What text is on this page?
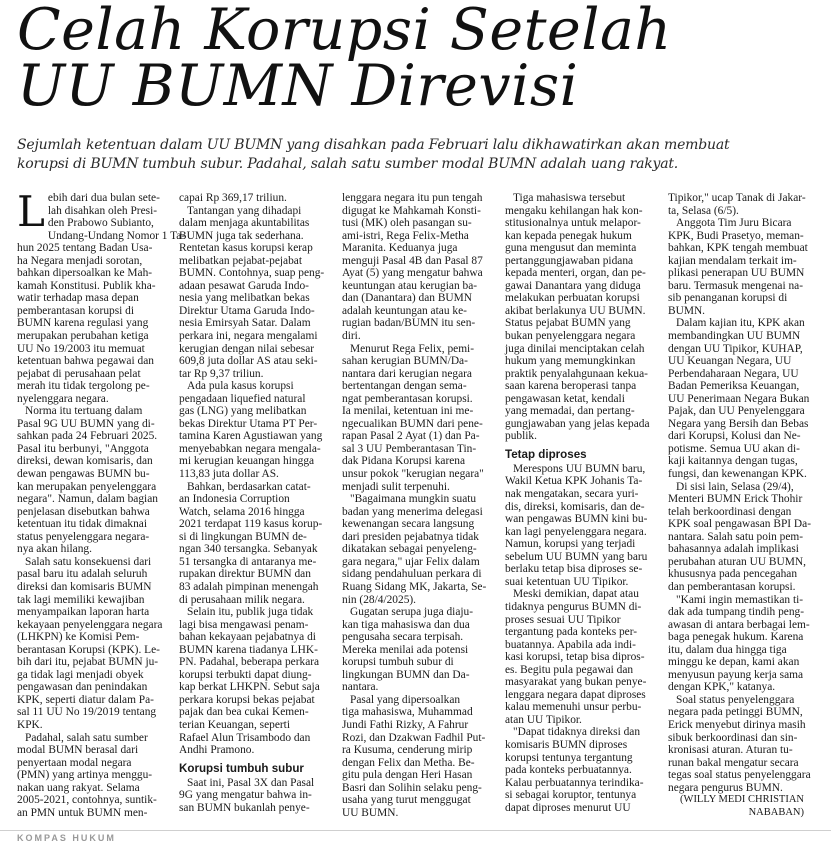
Celah Korupsi Setelah
UU BUMN Direvisi
Sejumlah ketentuan dalam UU BUMN yang disahkan pada Februari lalu dikhawatirkan akan membuat
korupsi di BUMN tumbuh subur. Padahal, salah satu sumber modal BUMN adalah uang rakyat.
L ebih dari dua bulan sete-
lah disahkan oleh Presi-
den Prabowo Subianto,
Undang-Undang Nomor 1 Ta-
hun 2025 tentang Badan Usa-
ha Negara menjadi sorotan,
bahkan dipersoalkan ke Mah-
kamah Konstitusi. Publik kha-
watir terhadap masa depan
pemberantasan korupsi di
BUMN karena regulasi yang
merupakan perubahan ketiga
UU No 19/2003 itu memuat
ketentuan bahwa pegawai dan
pejabat di perusahaan pelat
merah itu tidak tergolong pe-
nyelenggara negara.
Norma itu tertuang dalam
Pasal 9G UU BUMN yang di-
sahkan pada 24 Februari 2025.
Pasal itu berbunyi, "Anggota
direksi, dewan komisaris, dan
dewan pengawas BUMN bu-
kan merupakan penyelenggara
negara". Namun, dalam bagian
penjelasan disebutkan bahwa
ketentuan itu tidak dimaknai
status penyelenggara negara-
nya akan hilang.
Salah satu konsekuensi dari
pasal baru itu adalah seluruh
direksi dan komisaris BUMN
tak lagi memiliki kewajiban
menyampaikan laporan harta
kekayaan penyelenggara negara
(LHKPN) ke Komisi Pem-
berantasan Korupsi (KPK). Le-
bih dari itu, pejabat BUMN ju-
ga tidak lagi menjadi obyek
pengawasan dan penindakan
KPK, seperti diatur dalam Pa-
sal 11 UU No 19/2019 tentang
KPK.
Padahal, salah satu sumber
modal BUMN berasal dari
penyertaan modal negara
(PMN) yang artinya menggu-
nakan uang rakyat. Selama
2005-2021, contohnya, suntik-
an PMN untuk BUMN men-
capai Rp 369,17 triliun.
Tantangan yang dihadapi
dalam menjaga akuntabilitas
BUMN juga tak sederhana.
Rentetan kasus korupsi kerap
melibatkan pejabat-pejabat
BUMN. Contohnya, suap peng-
adaan pesawat Garuda Indo-
nesia yang melibatkan bekas
Direktur Utama Garuda Indo-
nesia Emirsyah Satar. Dalam
perkara ini, negara mengalami
kerugian dengan nilai sebesar
609,8 juta dollar AS atau seki-
tar Rp 9,37 triliun.
Ada pula kasus korupsi
pengadaan liquefied natural
gas (LNG) yang melibatkan
bekas Direktur Utama PT Per-
tamina Karen Agustiawan yang
menyebabkan negara mengala-
mi kerugian keuangan hingga
113,83 juta dollar AS.
Bahkan, berdasarkan catat-
an Indonesia Corruption
Watch, selama 2016 hingga
2021 terdapat 119 kasus korup-
si di lingkungan BUMN de-
ngan 340 tersangka. Sebanyak
51 tersangka di antaranya me-
rupakan direktur BUMN dan
83 adalah pimpinan menengah
di perusahaan milik negara.
Selain itu, publik juga tidak
lagi bisa mengawasi penam-
bahan kekayaan pejabatnya di
BUMN karena tiadanya LHK-
PN. Padahal, beberapa perkara
korupsi terbukti dapat diung-
kap berkat LHKPN. Sebut saja
perkara korupsi bekas pejabat
pajak dan bea cukai Kemen-
terian Keuangan, seperti
Rafael Alun Trisambodo dan
Andhi Pramono.
Korupsi tumbuh subur
Saat ini, Pasal 3X dan Pasal
9G yang mengatur bahwa in-
san BUMN bukanlah penye-
lenggara negara itu pun tengah
digugat ke Mahkamah Konsti-
tusi (MK) oleh pasangan su-
ami-istri, Rega Felix-Metha
Maranita. Keduanya juga
menguji Pasal 4B dan Pasal 87
Ayat (5) yang mengatur bahwa
keuntungan atau kerugian ba-
dan (Danantara) dan BUMN
adalah keuntungan atau ke-
rugian badan/BUMN itu sen-
diri.
Menurut Rega Felix, pemi-
sahan kerugian BUMN/Da-
nantara dari kerugian negara
bertentangan dengan sema-
ngat pemberantasan korupsi.
Ia menilai, ketentuan ini me-
ngecualikan BUMN dari pene-
rapan Pasal 2 Ayat (1) dan Pa-
sal 3 UU Pemberantasan Tin-
dak Pidana Korupsi karena
unsur pokok "kerugian negara"
menjadi sulit terpenuhi.
"Bagaimana mungkin suatu
badan yang menerima delegasi
kewenangan secara langsung
dari presiden pejabatnya tidak
dikatakan sebagai penyeleng-
gara negara," ujar Felix dalam
sidang pendahuluan perkara di
Ruang Sidang MK, Jakarta, Se-
nin (28/4/2025).
Gugatan serupa juga diaju-
kan tiga mahasiswa dan dua
pengusaha secara terpisah.
Mereka menilai ada potensi
korupsi tumbuh subur di
lingkungan BUMN dan Da-
nantara.
Pasal yang dipersoalkan
tiga mahasiswa, Muhammad
Jundi Fathi Rizky, A Fahrur
Rozi, dan Dzakwan Fadhil Put-
ra Kusuma, cenderung mirip
dengan Felix dan Metha. Be-
gitu pula dengan Heri Hasan
Basri dan Solihin selaku peng-
usaha yang turut menggugat
UU BUMN.
Tiga mahasiswa tersebut
mengaku kehilangan hak kon-
stitusionalnya untuk melapor-
kan kepada penegak hukum
guna mengusut dan meminta
pertanggungjawaban pidana
kepada menteri, organ, dan pe-
gawai Danantara yang diduga
melakukan perbuatan korupsi
akibat berlakunya UU BUMN.
Status pejabat BUMN yang
bukan penyelenggara negara
juga dinilai menciptakan celah
hukum yang memungkinkan
praktik penyalahgunaan kekua-
saan karena beroperasi tanpa
pengawasan ketat, kendali
yang memadai, dan pertang-
gungjawaban yang jelas kepada
publik.
Tetap diproses
Merespons UU BUMN baru,
Wakil Ketua KPK Johanis Ta-
nak mengatakan, secara yuri-
dis, direksi, komisaris, dan de-
wan pengawas BUMN kini bu-
kan lagi penyelenggara negara.
Namun, korupsi yang terjadi
sebelum UU BUMN yang baru
berlaku tetap bisa diproses se-
suai ketentuan UU Tipikor.
Meski demikian, dapat atau
tidaknya pengurus BUMN di-
proses sesuai UU Tipikor
tergantung pada konteks per-
buatannya. Apabila ada indi-
kasi korupsi, tetap bisa dipros-
es. Begitu pula pegawai dan
masyarakat yang bukan penye-
lenggara negara dapat diproses
kalau memenuhi unsur perbu-
atan UU Tipikor.
"Dapat tidaknya direksi dan
komisaris BUMN diproses
korupsi tentunya tergantung
pada konteks perbuatannya.
Kalau perbuatannya terindika-
si sebagai koruptor, tentunya
dapat diproses menurut UU
Tipikor," ucap Tanak di Jakar-
ta, Selasa (6/5).
Anggota Tim Juru Bicara
KPK, Budi Prasetyo, meman-
bahkan, KPK tengah membuat
kajian mendalam terkait im-
plikasi penerapan UU BUMN
baru. Termasuk mengenai na-
sib penanganan korupsi di
BUMN.
Dalam kajian itu, KPK akan
membandingkan UU BUMN
dengan UU Tipikor, KUHAP,
UU Keuangan Negara, UU
Perbendaharaan Negara, UU
Badan Pemeriksa Keuangan,
UU Penerimaan Negara Bukan
Pajak, dan UU Penyelenggara
Negara yang Bersih dan Bebas
dari Korupsi, Kolusi dan Ne-
potisme. Semua UU akan di-
kaji kaitannya dengan tugas,
fungsi, dan kewenangan KPK.
Di sisi lain, Selasa (29/4),
Menteri BUMN Erick Thohir
telah berkoordinasi dengan
KPK soal pengawasan BPI Da-
nantara. Salah satu poin pem-
bahasannya adalah implikasi
perubahan aturan UU BUMN,
khususnya pada pencegahan
dan pemberantasan korupsi.
"Kami ingin memastikan ti-
dak ada tumpang tindih peng-
awasan di antara berbagai lem-
baga penegak hukum. Karena
itu, dalam dua hingga tiga
minggu ke depan, kami akan
menyusun payung kerja sama
dengan KPK," katanya.
Soal status penyelenggara
negara pada petinggi BUMN,
Erick menyebut dirinya masih
sibuk berkoordinasi dan sin-
kronisasi aturan. Aturan tu-
runan bakal mengatur secara
tegas soal status penyelenggara
negara pengurus BUMN.
(WILLY MEDI CHRISTIAN
NABABAN)
KOMPAS HUKUM
